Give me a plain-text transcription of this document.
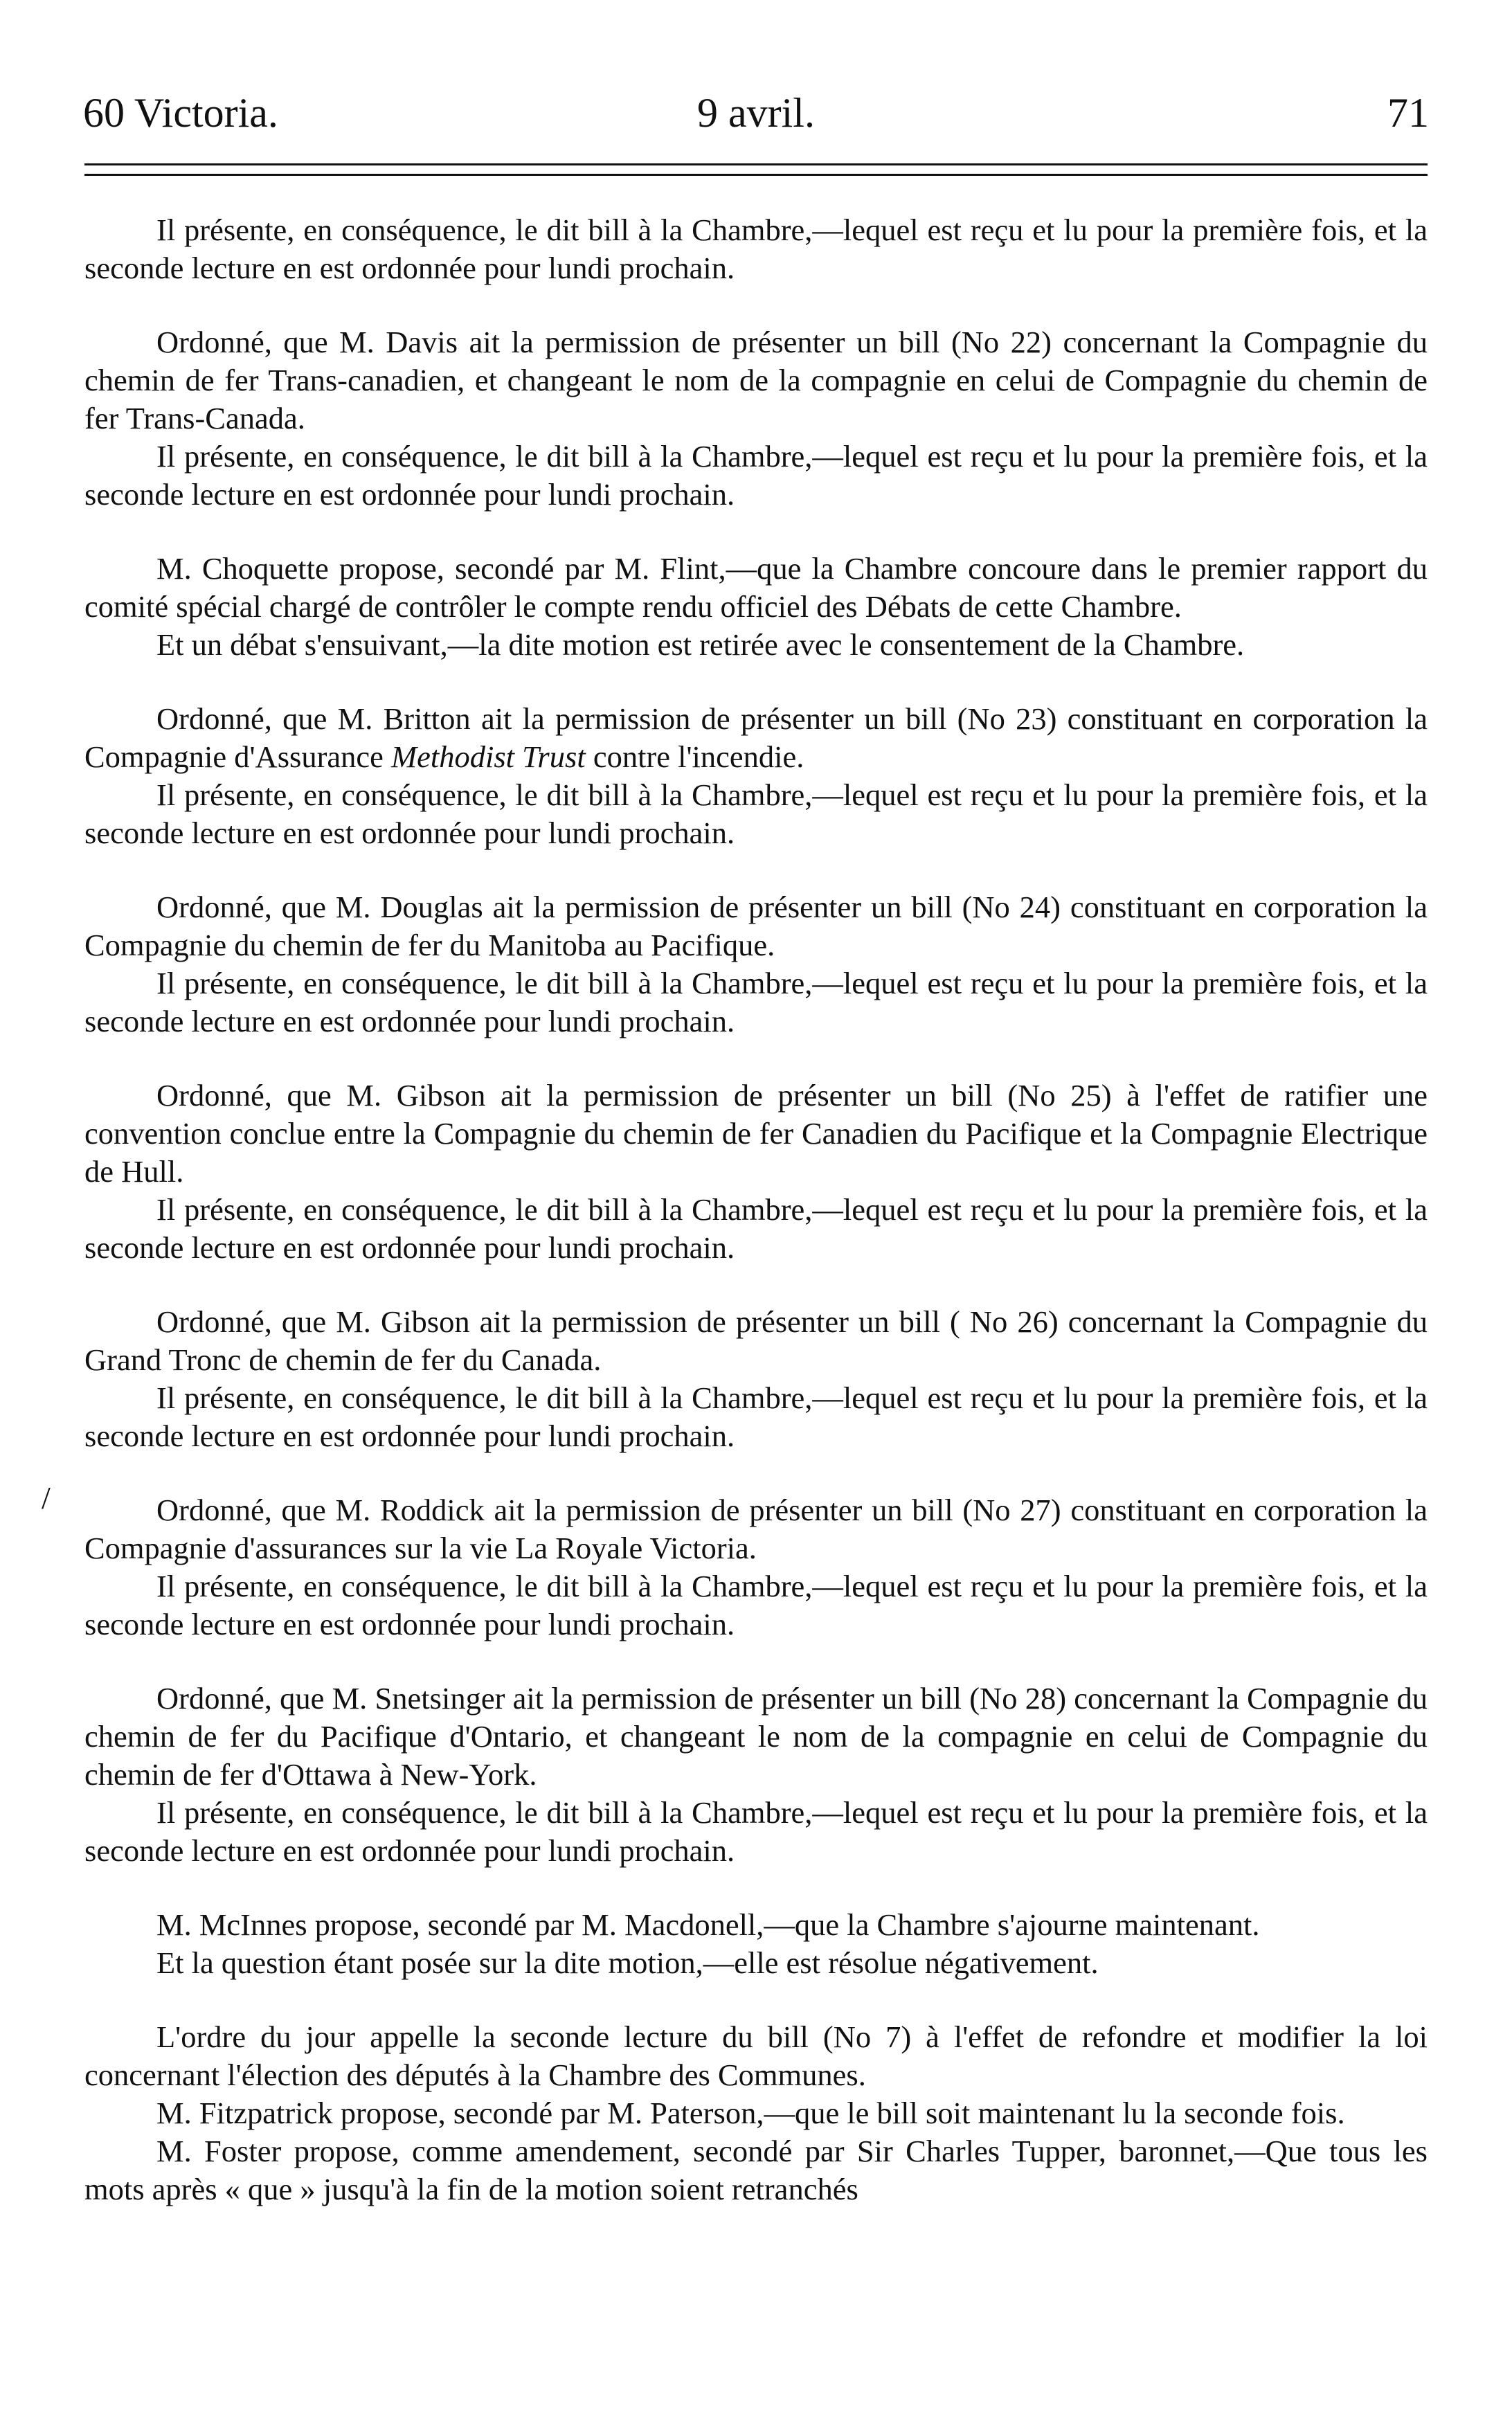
60 Victoria.	9 avril.	71

Il présente, en conséquence, le dit bill à la Chambre,—lequel est reçu et lu pour la première fois, et la seconde lecture en est ordonnée pour lundi prochain.

Ordonné, que M. Davis ait la permission de présenter un bill (No 22) concernant la Compagnie du chemin de fer Trans-canadien, et changeant le nom de la compagnie en celui de Compagnie du chemin de fer Trans-Canada.

Il présente, en conséquence, le dit bill à la Chambre,—lequel est reçu et lu pour la première fois, et la seconde lecture en est ordonnée pour lundi prochain.

M. Choquette propose, secondé par M. Flint,—que la Chambre concoure dans le premier rapport du comité spécial chargé de contrôler le compte rendu officiel des Débats de cette Chambre.

Et un débat s'ensuivant,—la dite motion est retirée avec le consentement de la Chambre.

Ordonné, que M. Britton ait la permission de présenter un bill (No 23) constituant en corporation la Compagnie d'Assurance Methodist Trust contre l'incendie.

Il présente, en conséquence, le dit bill à la Chambre,—lequel est reçu et lu pour la première fois, et la seconde lecture en est ordonnée pour lundi prochain.

Ordonné, que M. Douglas ait la permission de présenter un bill (No 24) constituant en corporation la Compagnie du chemin de fer du Manitoba au Pacifique.

Il présente, en conséquence, le dit bill à la Chambre,—lequel est reçu et lu pour la première fois, et la seconde lecture en est ordonnée pour lundi prochain.

Ordonné, que M. Gibson ait la permission de présenter un bill (No 25) à l'effet de ratifier une convention conclue entre la Compagnie du chemin de fer Canadien du Pacifique et la Compagnie Electrique de Hull.

Il présente, en conséquence, le dit bill à la Chambre,—lequel est reçu et lu pour la première fois, et la seconde lecture en est ordonnée pour lundi prochain.

Ordonné, que M. Gibson ait la permission de présenter un bill ( No 26) concernant la Compagnie du Grand Tronc de chemin de fer du Canada.

Il présente, en conséquence, le dit bill à la Chambre,—lequel est reçu et lu pour la première fois, et la seconde lecture en est ordonnée pour lundi prochain.

/	Ordonné, que M. Roddick ait la permission de présenter un bill (No 27) constituant en corporation la Compagnie d'assurances sur la vie La Royale Victoria.

Il présente, en conséquence, le dit bill à la Chambre,—lequel est reçu et lu pour la première fois, et la seconde lecture en est ordonnée pour lundi prochain.

Ordonné, que M. Snetsinger ait la permission de présenter un bill (No 28) concernant la Compagnie du chemin de fer du Pacifique d'Ontario, et changeant le nom de la compagnie en celui de Compagnie du chemin de fer d'Ottawa à New-York.

Il présente, en conséquence, le dit bill à la Chambre,—lequel est reçu et lu pour la première fois, et la seconde lecture en est ordonnée pour lundi prochain.

M. McInnes propose, secondé par M. Macdonell,—que la Chambre s'ajourne maintenant.

Et la question étant posée sur la dite motion,—elle est résolue négativement.

L'ordre du jour appelle la seconde lecture du bill (No 7) à l'effet de refondre et modifier la loi concernant l'élection des députés à la Chambre des Communes.

M. Fitzpatrick propose, secondé par M. Paterson,—que le bill soit maintenant lu la seconde fois.

M. Foster propose, comme amendement, secondé par Sir Charles Tupper, baronnet,—Que tous les mots après « que » jusqu'à la fin de la motion soient retranchés
